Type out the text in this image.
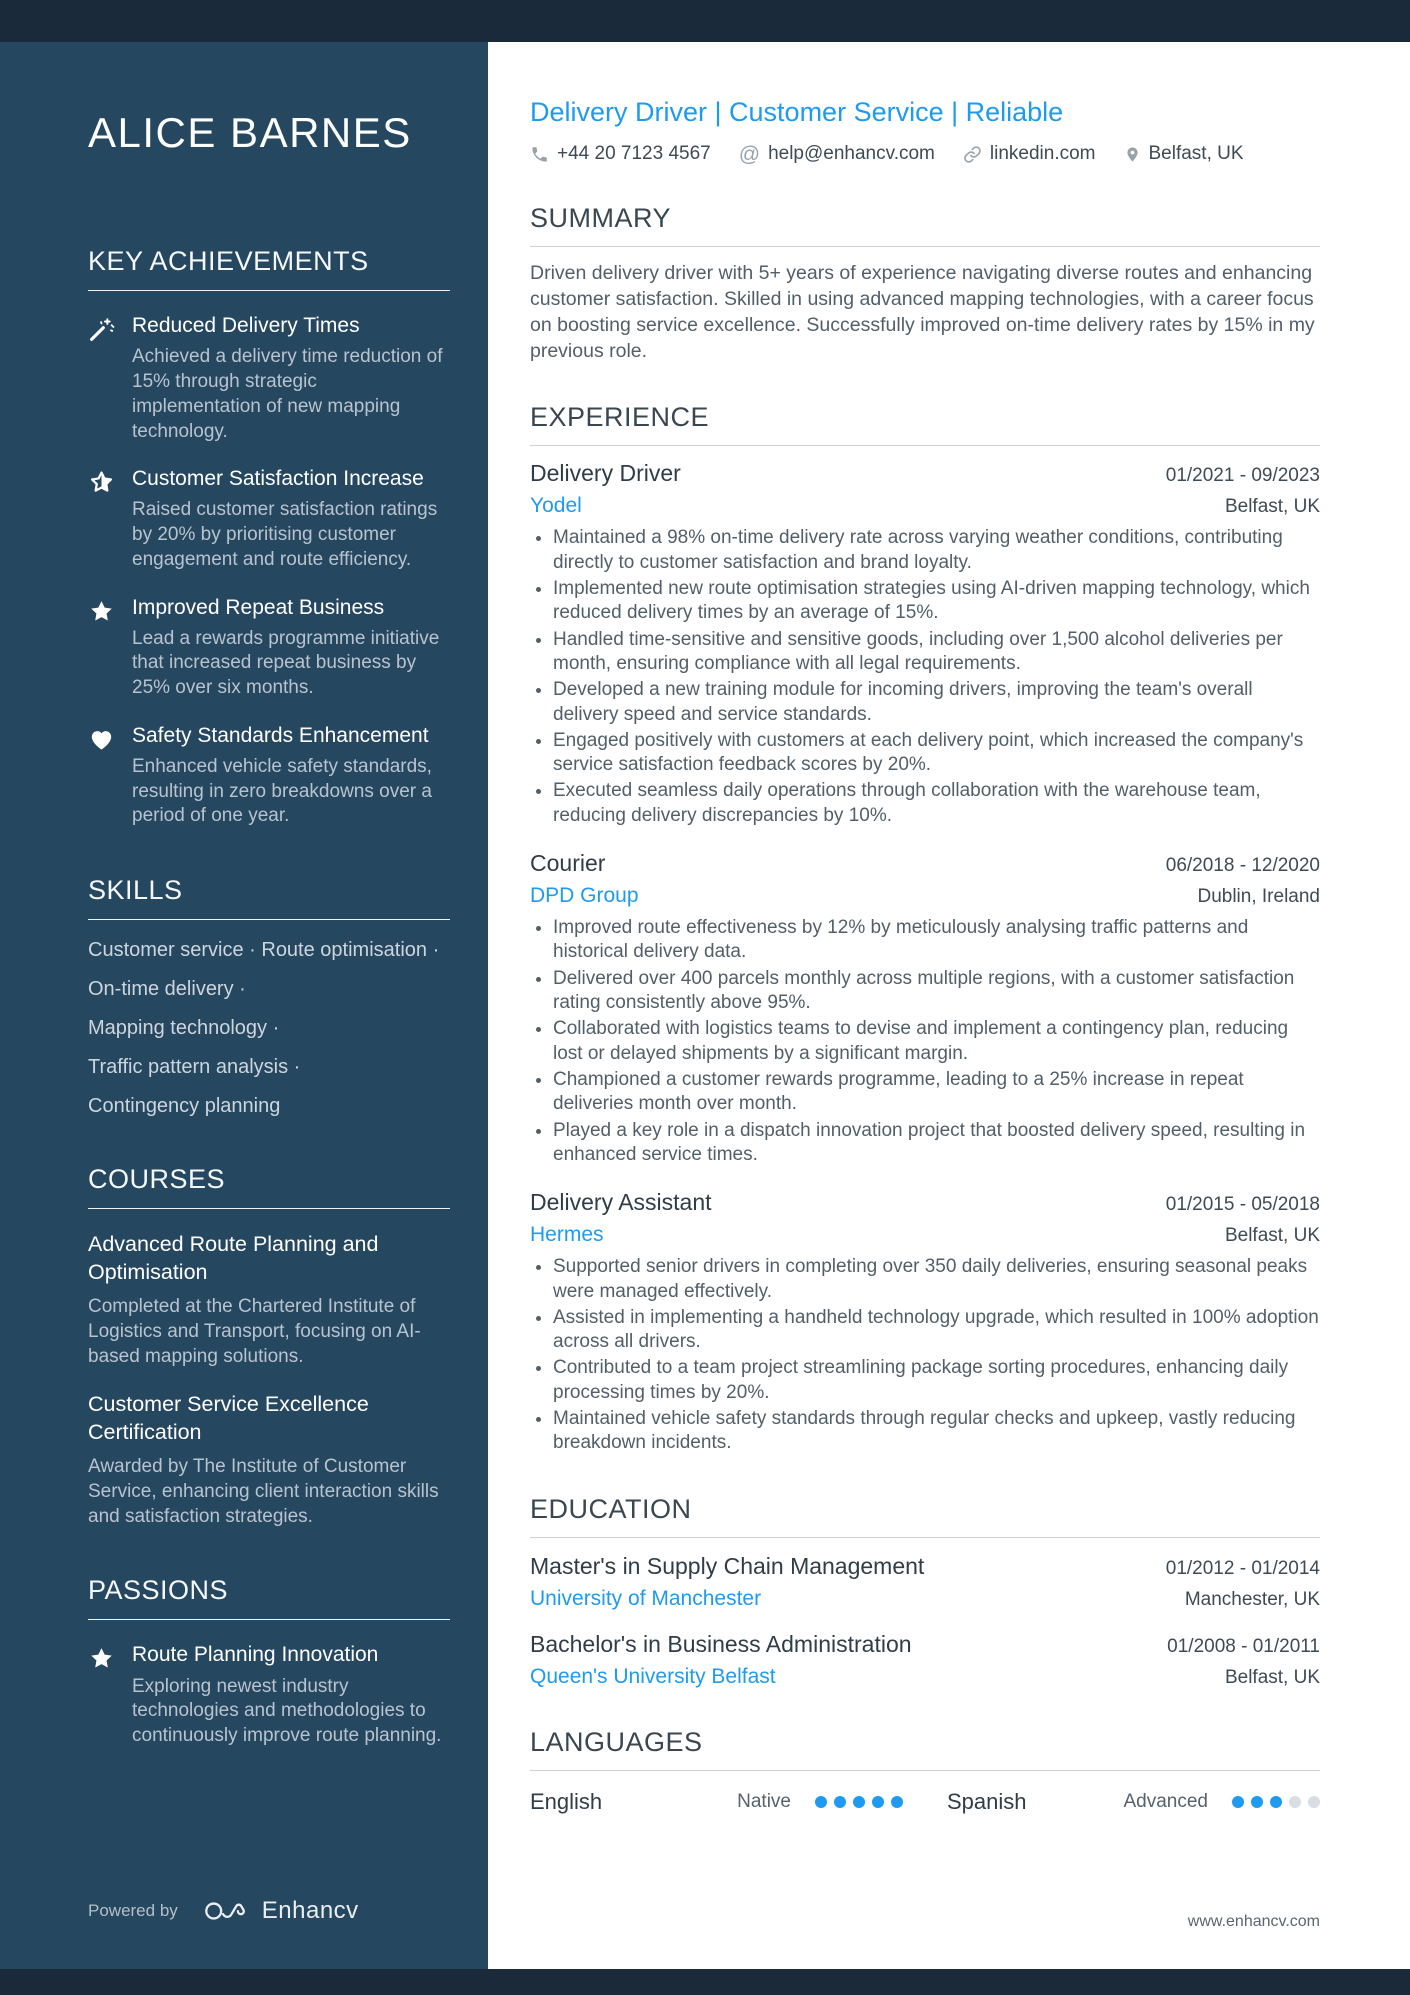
ALICE BARNES
KEY ACHIEVEMENTS
Reduced Delivery Times
Achieved a delivery time reduction of 15% through strategic implementation of new mapping technology.
Customer Satisfaction Increase
Raised customer satisfaction ratings by 20% by prioritising customer engagement and route efficiency.
Improved Repeat Business
Lead a rewards programme initiative that increased repeat business by 25% over six months.
Safety Standards Enhancement
Enhanced vehicle safety standards, resulting in zero breakdowns over a period of one year.
SKILLS
Customer service · Route optimisation ·
On-time delivery ·
Mapping technology ·
Traffic pattern analysis ·
Contingency planning
COURSES
Advanced Route Planning and Optimisation
Completed at the Chartered Institute of Logistics and Transport, focusing on AI-based mapping solutions.
Customer Service Excellence Certification
Awarded by The Institute of Customer Service, enhancing client interaction skills and satisfaction strategies.
PASSIONS
Route Planning Innovation
Exploring newest industry technologies and methodologies to continuously improve route planning.
Powered by	Enhancv
Delivery Driver | Customer Service | Reliable
+44 20 7123 4567 @ help@enhancv.com	linkedin.com	Belfast, UK
SUMMARY
Driven delivery driver with 5+ years of experience navigating diverse routes and enhancing customer satisfaction. Skilled in using advanced mapping technologies, with a career focus on boosting service excellence. Successfully improved on-time delivery rates by 15% in my previous role.
EXPERIENCE
Delivery Driver	01/2021 - 09/2023
Yodel	Belfast, UK
• Maintained a 98% on-time delivery rate across varying weather conditions, contributing directly to customer satisfaction and brand loyalty.
• Implemented new route optimisation strategies using AI-driven mapping technology, which reduced delivery times by an average of 15%.
• Handled time-sensitive and sensitive goods, including over 1,500 alcohol deliveries per month, ensuring compliance with all legal requirements.
• Developed a new training module for incoming drivers, improving the team's overall delivery speed and service standards.
• Engaged positively with customers at each delivery point, which increased the company's service satisfaction feedback scores by 20%.
• Executed seamless daily operations through collaboration with the warehouse team, reducing delivery discrepancies by 10%.
Courier	06/2018 - 12/2020
DPD Group	Dublin, Ireland
• Improved route effectiveness by 12% by meticulously analysing traffic patterns and historical delivery data.
• Delivered over 400 parcels monthly across multiple regions, with a customer satisfaction rating consistently above 95%.
• Collaborated with logistics teams to devise and implement a contingency plan, reducing lost or delayed shipments by a significant margin.
• Championed a customer rewards programme, leading to a 25% increase in repeat deliveries month over month.
• Played a key role in a dispatch innovation project that boosted delivery speed, resulting in enhanced service times.
Delivery Assistant	01/2015 - 05/2018
Hermes	Belfast, UK
• Supported senior drivers in completing over 350 daily deliveries, ensuring seasonal peaks were managed effectively.
• Assisted in implementing a handheld technology upgrade, which resulted in 100% adoption across all drivers.
• Contributed to a team project streamlining package sorting procedures, enhancing daily processing times by 20%.
• Maintained vehicle safety standards through regular checks and upkeep, vastly reducing breakdown incidents.
EDUCATION
Master's in Supply Chain Management	01/2012 - 01/2014
University of Manchester	Manchester, UK
Bachelor's in Business Administration	01/2008 - 01/2011
Queen's University Belfast	Belfast, UK
LANGUAGES
English	Native	Spanish	Advanced
www.enhancv.com
